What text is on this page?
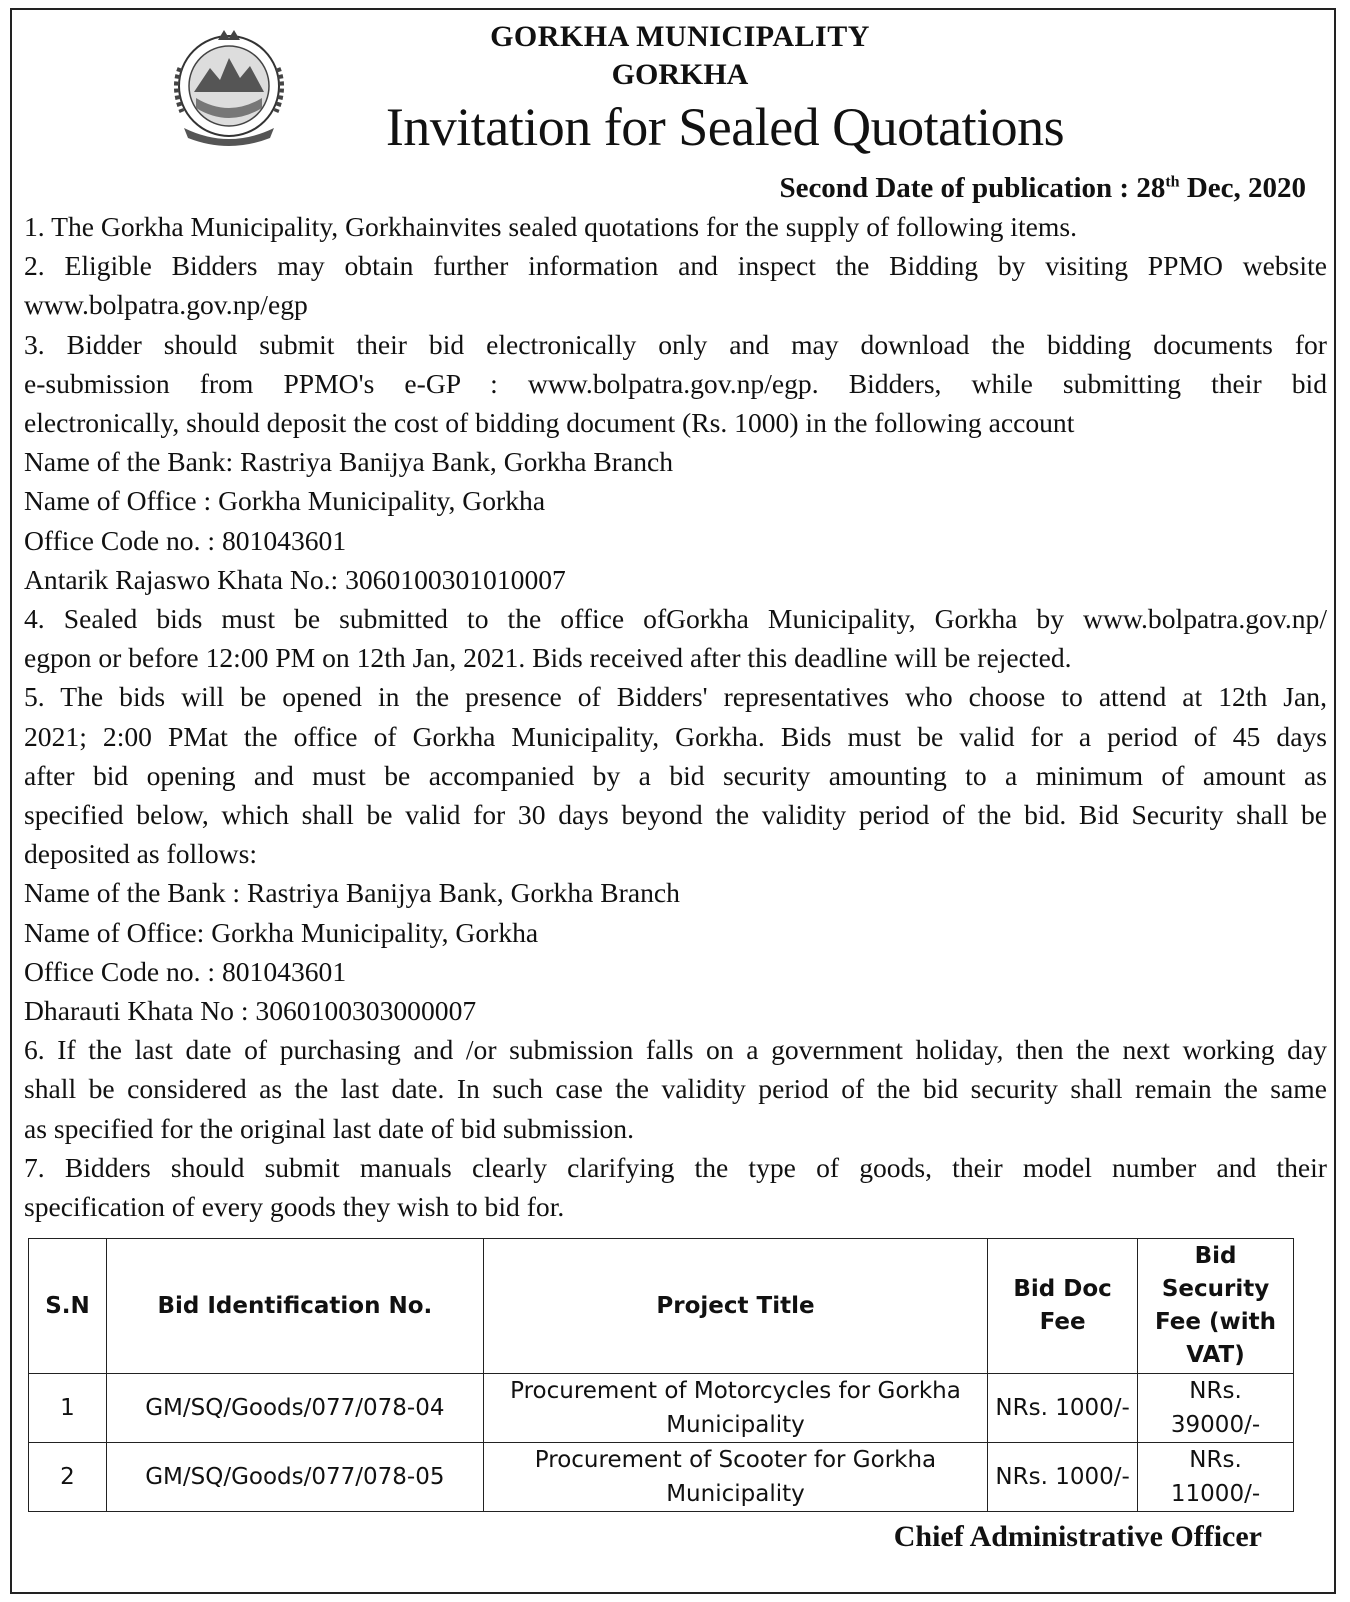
GORKHA MUNICIPALITY
GORKHA
Invitation for Sealed Quotations
Second Date of publication : 28th Dec, 2020
1. The Gorkha Municipality, Gorkhainvites sealed quotations for the supply of following items.
2. Eligible Bidders may obtain further information and inspect the Bidding by visiting PPMO website
www.bolpatra.gov.np/egp
3. Bidder should submit their bid electronically only and may download the bidding documents for
e-submission from PPMO's e-GP : www.bolpatra.gov.np/egp. Bidders, while submitting their bid
electronically, should deposit the cost of bidding document (Rs. 1000) in the following account
Name of the Bank: Rastriya Banijya Bank, Gorkha Branch
Name of Office : Gorkha Municipality, Gorkha
Office Code no. : 801043601
Antarik Rajaswo Khata No.: 3060100301010007
4. Sealed bids must be submitted to the office ofGorkha Municipality, Gorkha by www.bolpatra.gov.np/
egpon or before 12:00 PM on 12th Jan, 2021. Bids received after this deadline will be rejected.
5. The bids will be opened in the presence of Bidders' representatives who choose to attend at 12th Jan,
2021; 2:00 PMat the office of Gorkha Municipality, Gorkha. Bids must be valid for a period of 45 days
after bid opening and must be accompanied by a bid security amounting to a minimum of amount as
specified below, which shall be valid for 30 days beyond the validity period of the bid. Bid Security shall be
deposited as follows:
Name of the Bank : Rastriya Banijya Bank, Gorkha Branch
Name of Office: Gorkha Municipality, Gorkha
Office Code no. : 801043601
Dharauti Khata No : 3060100303000007
6. If the last date of purchasing and /or submission falls on a government holiday, then the next working day
shall be considered as the last date. In such case the validity period of the bid security shall remain the same
as specified for the original last date of bid submission.
7. Bidders should submit manuals clearly clarifying the type of goods, their model number and their
specification of every goods they wish to bid for.
S.N	Bid Identification No.	Project Title	Bid Doc Fee	Bid Security Fee (with VAT)
1	GM/SQ/Goods/077/078-04	Procurement of Motorcycles for Gorkha Municipality	NRs. 1000/-	NRs. 39000/-
2	GM/SQ/Goods/077/078-05	Procurement of Scooter for Gorkha Municipality	NRs. 1000/-	NRs. 11000/-
Chief Administrative Officer
